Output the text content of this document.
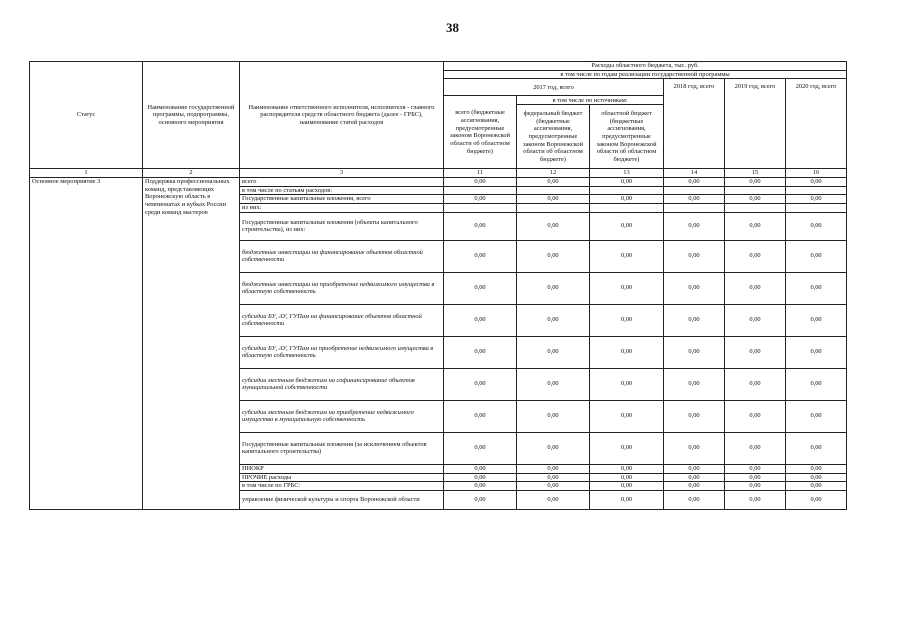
38
Статус	Наименование государственной программы, подпрограммы, основного мероприятия	Наименование ответственного исполнителя, исполнителя - главного распорядителя средств областного бюджета (далее - ГРБС), наименование статей расходов	Расходы областного бюджета, тыс. руб.					
			в том числе по годам реализации государственной программы					
			2017 год, всего			2018 год, всего	2019 год, всего	2020 год, всего
			всего (бюджетные ассигнования, предусмотренные законом Воронежской области об областном бюджете)	в том числе по источникам:				
				федеральный бюджет (бюджетные ассигнования, предусмотренные законом Воронежской области об областном бюджете)	областной бюджет (бюджетные ассигнования, предусмотренные законом Воронежской области об областном бюджете)			
1	2	3	11	12	13	14	15	16
Основное мероприятие 3	Поддержка профессиональных команд, представляющих Воронежскую область в чемпионатах и кубках России среди команд мастеров	всего	0,00	0,00	0,00	0,00	0,00	0,00
		в том числе по статьям расходов:						
		Государственные капитальные вложения, всего	0,00	0,00	0,00	0,00	0,00	0,00
		из них:						
		Государственные капитальные вложения (объекты капитального строительства), из них:	0,00	0,00	0,00	0,00	0,00	0,00
		бюджетные инвестиции на финансирование объектов областной собственности	0,00	0,00	0,00	0,00	0,00	0,00
		бюджетные инвестиции на приобретение недвижимого имущества в областную собственность	0,00	0,00	0,00	0,00	0,00	0,00
		субсидии БУ, АУ, ГУПам на финансирование объектов областной собственности	0,00	0,00	0,00	0,00	0,00	0,00
		субсидии БУ, АУ, ГУПам на приобретение недвижимого имущества в областную собственность	0,00	0,00	0,00	0,00	0,00	0,00
		субсидии местным бюджетам на софинансирование объектов муниципальной собственности	0,00	0,00	0,00	0,00	0,00	0,00
		субсидии местным бюджетам на приобретение недвижимого имущества в муниципальную собственность	0,00	0,00	0,00	0,00	0,00	0,00
		Государственные капитальные вложения (за исключением объектов капитального строительства)	0,00	0,00	0,00	0,00	0,00	0,00
		НИОКР	0,00	0,00	0,00	0,00	0,00	0,00
		ПРОЧИЕ расходы	0,00	0,00	0,00	0,00	0,00	0,00
		в том числе по ГРБС:	0,00	0,00	0,00	0,00	0,00	0,00
		управление физической культуры и спорта Воронежской области	0,00	0,00	0,00	0,00	0,00	0,00
